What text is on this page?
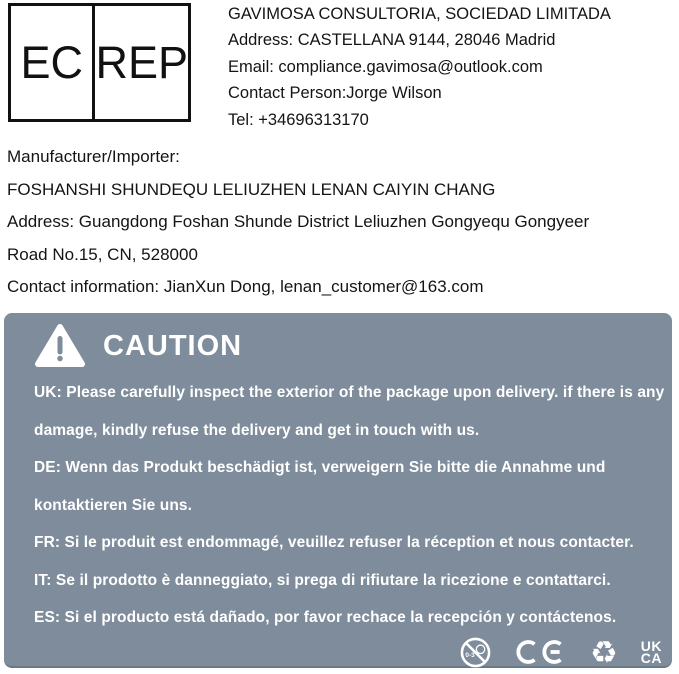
EC REP
GAVIMOSA CONSULTORIA, SOCIEDAD LIMITADA
Address: CASTELLANA 9144, 28046 Madrid
Email: compliance.gavimosa@outlook.com
Contact Person:Jorge Wilson
Tel: +34696313170
Manufacturer/Importer:
FOSHANSHI SHUNDEQU LELIUZHEN LENAN CAIYIN CHANG
Address: Guangdong Foshan Shunde District Leliuzhen Gongyequ Gongyeer
Road No.15, CN, 528000
Contact information: JianXun Dong, lenan_customer@163.com
CAUTION
UK: Please carefully inspect the exterior of the package upon delivery. if there is any
damage, kindly refuse the delivery and get in touch with us.
DE: Wenn das Produkt beschädigt ist, verweigern Sie bitte die Annahme und
kontaktieren Sie uns.
FR: Si le produit est endommagé, veuillez refuser la réception et nous contacter.
IT: Se il prodotto è danneggiato, si prega di rifiutare la ricezione e contattarci.
ES: Si el producto está dañado, por favor rechace la recepción y contáctenos.
0-3	♻ UK
CA
